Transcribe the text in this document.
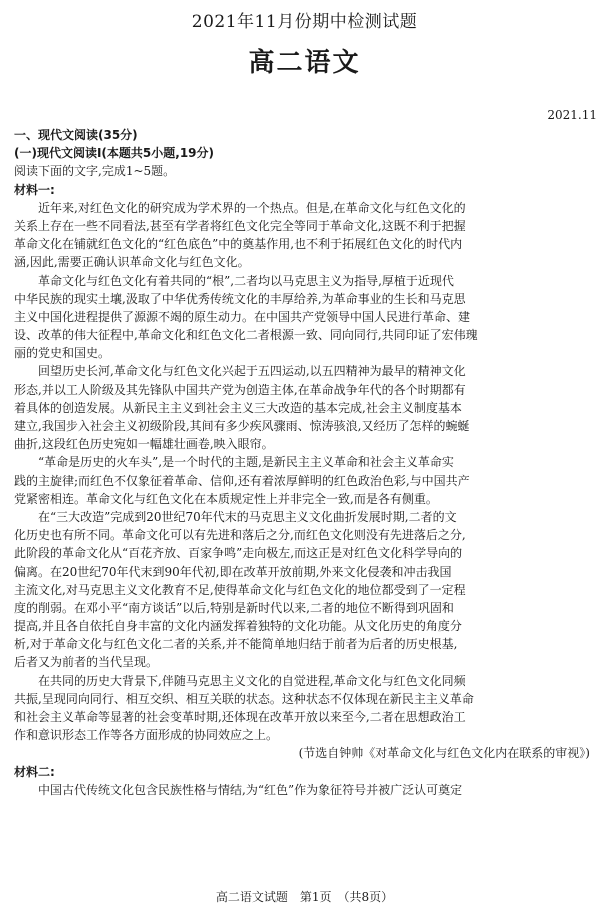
2021年11月份期中检测试题
高二语文
2021.11
一、现代文阅读(35分)
(一)现代文阅读I(本题共5小题,19分)
阅读下面的文字,完成1~5题。
材料一:
近年来,对红色文化的研究成为学术界的一个热点。但是,在革命文化与红色文化的
关系上存在一些不同看法,甚至有学者将红色文化完全等同于革命文化,这既不利于把握
革命文化在铺就红色文化的“红色底色”中的奠基作用,也不利于拓展红色文化的时代内
涵,因此,需要正确认识革命文化与红色文化。
革命文化与红色文化有着共同的“根”,二者均以马克思主义为指导,厚植于近现代
中华民族的现实土壤,汲取了中华优秀传统文化的丰厚给养,为革命事业的生长和马克思
主义中国化进程提供了源源不竭的原生动力。在中国共产党领导中国人民进行革命、建
设、改革的伟大征程中,革命文化和红色文化二者根源一致、同向同行,共同印证了宏伟瑰
丽的党史和国史。
回望历史长河,革命文化与红色文化兴起于五四运动,以五四精神为最早的精神文化
形态,并以工人阶级及其先锋队中国共产党为创造主体,在革命战争年代的各个时期都有
着具体的创造发展。从新民主主义到社会主义三大改造的基本完成,社会主义制度基本
建立,我国步入社会主义初级阶段,其间有多少疾风骤雨、惊涛骇浪,又经历了怎样的蜿蜒
曲折,这段红色历史宛如一幅雄壮画卷,映入眼帘。
“革命是历史的火车头”,是一个时代的主题,是新民主主义革命和社会主义革命实
践的主旋律;而红色不仅象征着革命、信仰,还有着浓厚鲜明的红色政治色彩,与中国共产
党紧密相连。革命文化与红色文化在本质规定性上并非完全一致,而是各有侧重。
在“三大改造”完成到20世纪70年代末的马克思主义文化曲折发展时期,二者的文
化历史也有所不同。革命文化可以有先进和落后之分,而红色文化则没有先进落后之分,
此阶段的革命文化从“百花齐放、百家争鸣”走向极左,而这正是对红色文化科学导向的
偏离。在20世纪70年代末到90年代初,即在改革开放前期,外来文化侵袭和冲击我国
主流文化,对马克思主义文化教育不足,使得革命文化与红色文化的地位都受到了一定程
度的削弱。在邓小平“南方谈话”以后,特别是新时代以来,二者的地位不断得到巩固和
提高,并且各自依托自身丰富的文化内涵发挥着独特的文化功能。从文化历史的角度分
析,对于革命文化与红色文化二者的关系,并不能简单地归结于前者为后者的历史根基,
后者又为前者的当代呈现。
在共同的历史大背景下,伴随马克思主义文化的自觉进程,革命文化与红色文化同频
共振,呈现同向同行、相互交织、相互关联的状态。这种状态不仅体现在新民主主义革命
和社会主义革命等显著的社会变革时期,还体现在改革开放以来至今,二者在思想政治工
作和意识形态工作等各方面形成的协同效应之上。
(节选自钟帅《对革命文化与红色文化内在联系的审视》)
材料二:
中国古代传统文化包含民族性格与情结,为“红色”作为象征符号并被广泛认可奠定
高二语文试题　第1页　（共8页）
